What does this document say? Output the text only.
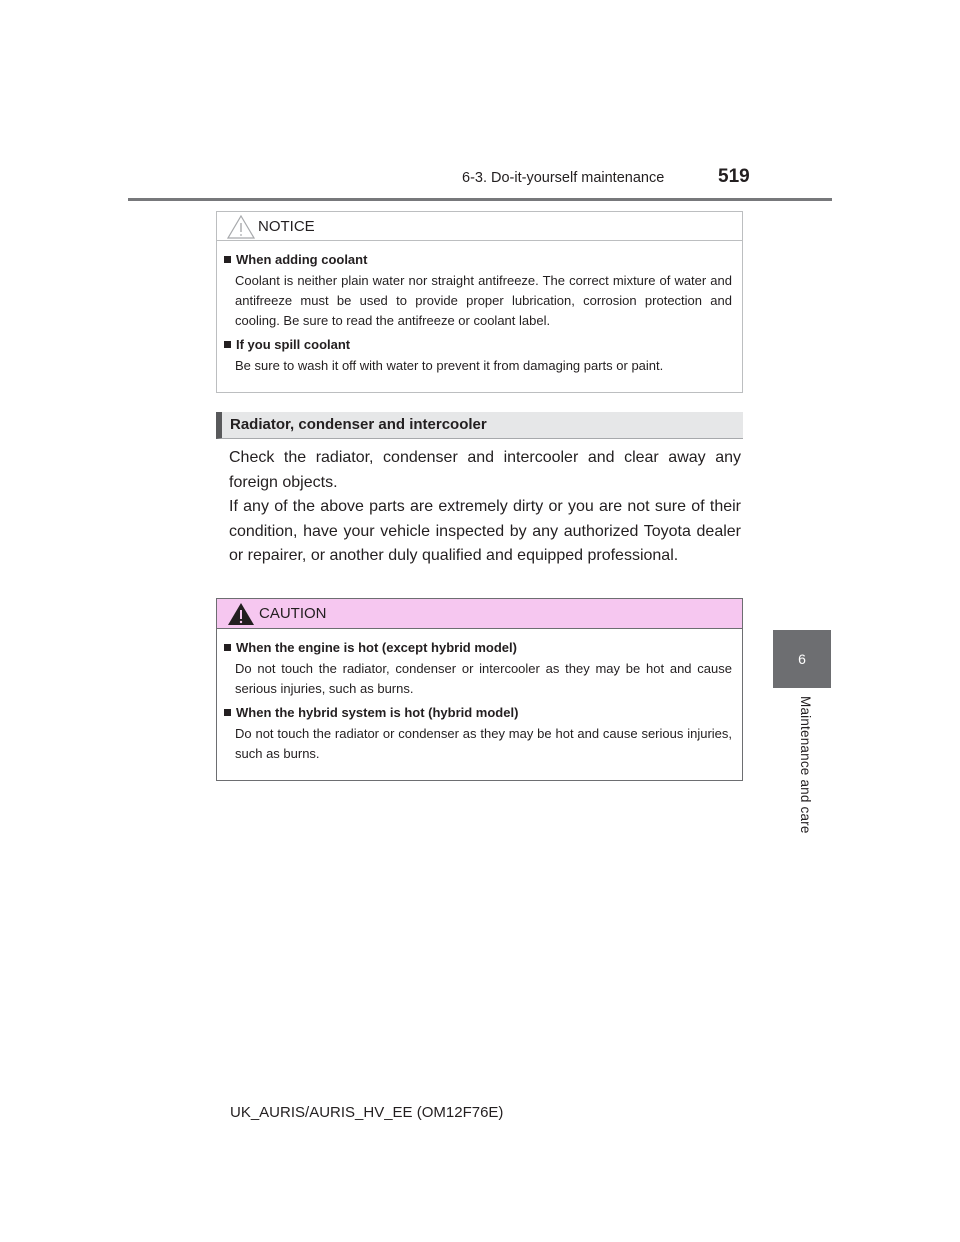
6-3. Do-it-yourself maintenance	519
6
Maintenance and care
NOTICE
When adding coolant
Coolant is neither plain water nor straight antifreeze. The correct mixture of water and antifreeze must be used to provide proper lubrication, corrosion protection and cooling. Be sure to read the antifreeze or coolant label.
If you spill coolant
Be sure to wash it off with water to prevent it from damaging parts or paint.
Radiator, condenser and intercooler

Check the radiator, condenser and intercooler and clear away any foreign objects.

If any of the above parts are extremely dirty or you are not sure of their condition, have your vehicle inspected by any authorized Toyota dealer or repairer, or another duly qualified and equipped professional.

CAUTION
When the engine is hot (except hybrid model)
Do not touch the radiator, condenser or intercooler as they may be hot and cause serious injuries, such as burns.
When the hybrid system is hot (hybrid model)
Do not touch the radiator or condenser as they may be hot and cause serious injuries, such as burns.
UK_AURIS/AURIS_HV_EE (OM12F76E)
